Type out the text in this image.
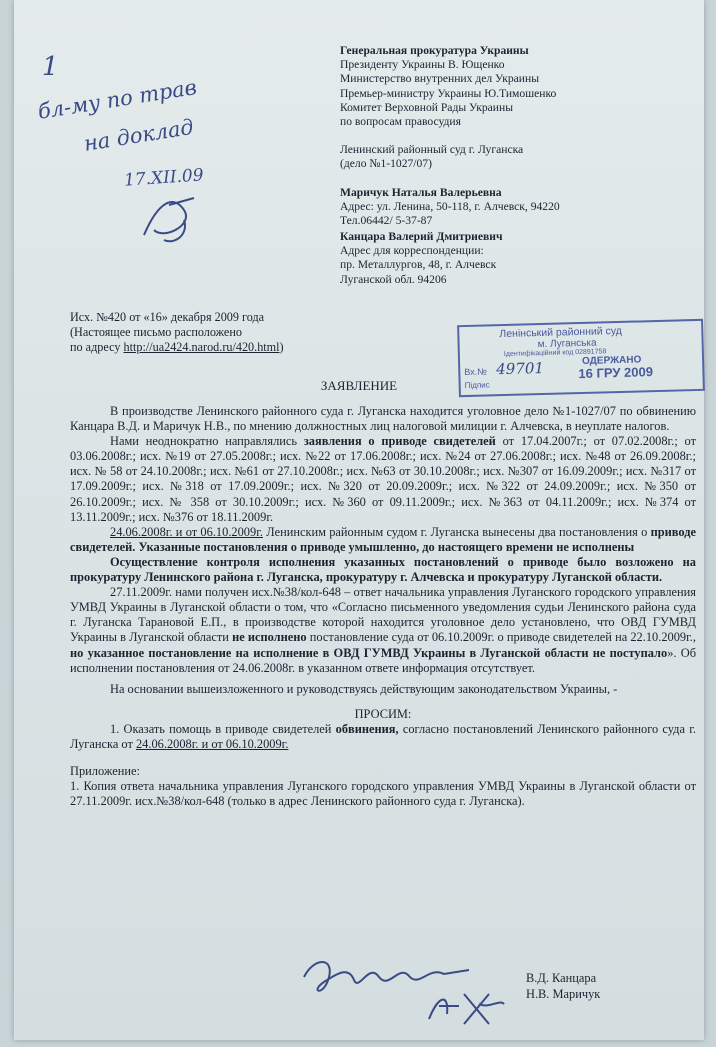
1
бл-му по трав
на доклад
17.XII.09
Генеральная прокуратура Украины
Президенту Украины В. Ющенко
Министерство внутренних дел Украины
Премьер-министру Украины Ю.Тимошенко
Комитет Верховной Рады Украины
по вопросам правосудия
Ленинский районный суд г. Луганска
(дело №1-1027/07)
Маричук Наталья Валерьевна
Адрес: ул. Ленина, 50-118, г. Алчевск, 94220
Тел.06442/ 5-37-87
Канцара Валерий Дмитриевич
Адрес для корреспонденции:
пр. Металлургов, 48, г. Алчевск
Луганской обл. 94206
Исх. №420 от «16» декабря 2009 года
(Настоящее письмо расположено
по адресу http://ua2424.narod.ru/420.html)
Ленінський районний суд
м. Луганська
Ідентифікаційний код 02891758
Вх.№ 49701	ОДЕРЖАНО
16 ГРУ 2009
Підпис
ЗАЯВЛЕНИЕ

В производстве Ленинского районного суда г. Луганска находится уголовное дело №1-1027/07 по обвинению Канцара В.Д. и Маричук Н.В., по мнению должностных лиц налоговой милиции г. Алчевска, в неуплате налогов.

Нами неоднократно направлялись заявления о приводе свидетелей от 17.04.2007г.; от 07.02.2008г.; от 03.06.2008г.; исх. №19 от 27.05.2008г.; исх. №22 от 17.06.2008г.; исх. №24 от 27.06.2008г.; исх. №48 от 26.09.2008г.; исх. № 58 от 24.10.2008г.; исх. №61 от 27.10.2008г.; исх. №63 от 30.10.2008г.; исх. №307 от 16.09.2009г.; исх. №317 от 17.09.2009г.; исх. №318 от 17.09.2009г.; исх. №320 от 20.09.2009г.; исх. №322 от 24.09.2009г.; исх. №350 от 26.10.2009г.; исх. № 358 от 30.10.2009г.; исх. №360 от 09.11.2009г.; исх. №363 от 04.11.2009г.; исх. №374 от 13.11.2009г.; исх. №376 от 18.11.2009г.

24.06.2008г. и от 06.10.2009г. Ленинским районным судом г. Луганска вынесены два постановления о приводе свидетелей. Указанные постановления о приводе умышленно, до настоящего времени не исполнены

Осуществление контроля исполнения указанных постановлений о приводе было возложено на прокуратуру Ленинского района г. Луганска, прокуратуру г. Алчевска и прокуратуру Луганской области.

27.11.2009г. нами получен исх.№38/кол-648 – ответ начальника управления Луганского городского управления УМВД Украины в Луганской области о том, что «Согласно письменного уведомления судьи Ленинского района суда г. Луганска Тарановой Е.П., в производстве которой находится уголовное дело установлено, что ОВД ГУМВД Украины в Луганской области не исполнено постановление суда от 06.10.2009г. о приводе свидетелей на 22.10.2009г., но указанное постановление на исполнение в ОВД ГУМВД Украины в Луганской области не поступало». Об исполнении постановления от 24.06.2008г. в указанном ответе информация отсутствует.

На основании вышеизложенного и руководствуясь действующим законодательством Украины, -

ПРОСИМ:

1. Оказать помощь в приводе свидетелей обвинения, согласно постановлений Ленинского районного суда г. Луганска от 24.06.2008г. и от 06.10.2009г.

Приложение:

1. Копия ответа начальника управления Луганского городского управления УМВД Украины в Луганской области от 27.11.2009г. исх.№38/кол-648 (только в адрес Ленинского районного суда г. Луганска).

В.Д. Канцара
Н.В. Маричук
